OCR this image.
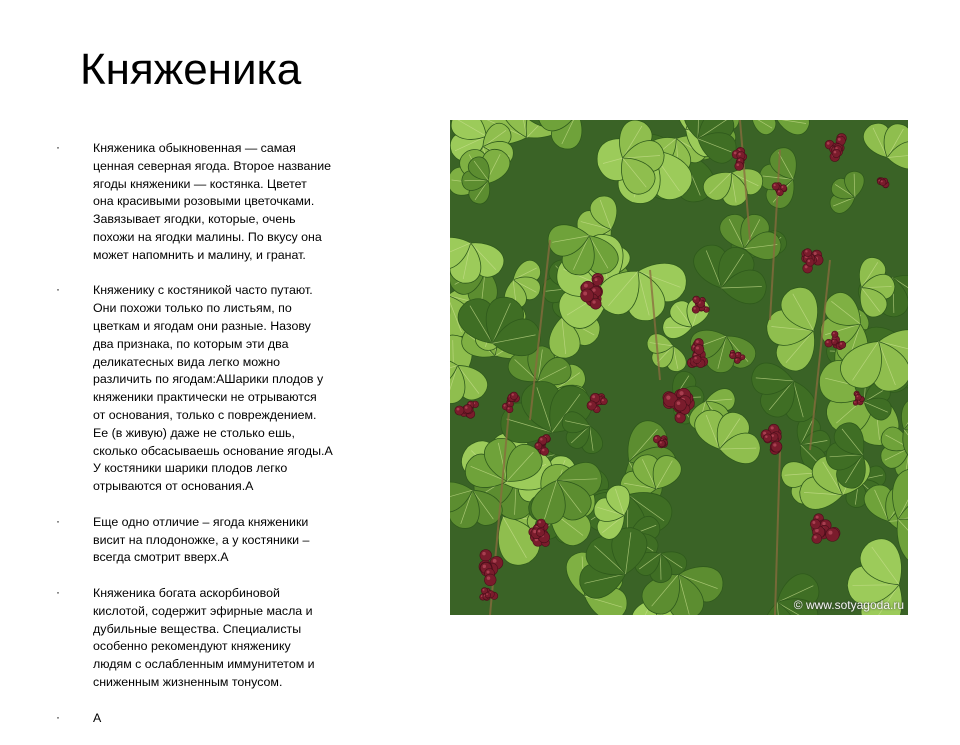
Княженика
·	Княженика обыкновенная — самая
ценная северная ягода. Второе название
ягоды княженики — костянка. Цветет
она красивыми розовыми цветочками.
Завязывает ягодки, которые, очень
похожи на ягодки малины. По вкусу она
может напомнить и малину, и гранат.
·	Княженику с костяникой часто путают.
Они похожи только по листьям, по
цветкам и ягодам они разные. Назову
два признака, по которым эти два
деликатесных вида легко можно
различить по ягодам:АШарики плодов у
княженики практически не отрываются
от основания, только с повреждением.
Ее (в живую) даже не столько ешь,
сколько обсасываешь основание ягоды.А
У костяники шарики плодов легко
отрываются от основания.А
·	Еще одно отличие – ягода княженики
висит на плодоножке, а у костяники –
всегда смотрит вверх.А
·	Княженика богата аскорбиновой
кислотой, содержит эфирные масла и
дубильные вещества. Специалисты
особенно рекомендуют княженику
людям с ослабленным иммунитетом и
сниженным жизненным тонусом.
·	А
© www.sotyagoda.ru
